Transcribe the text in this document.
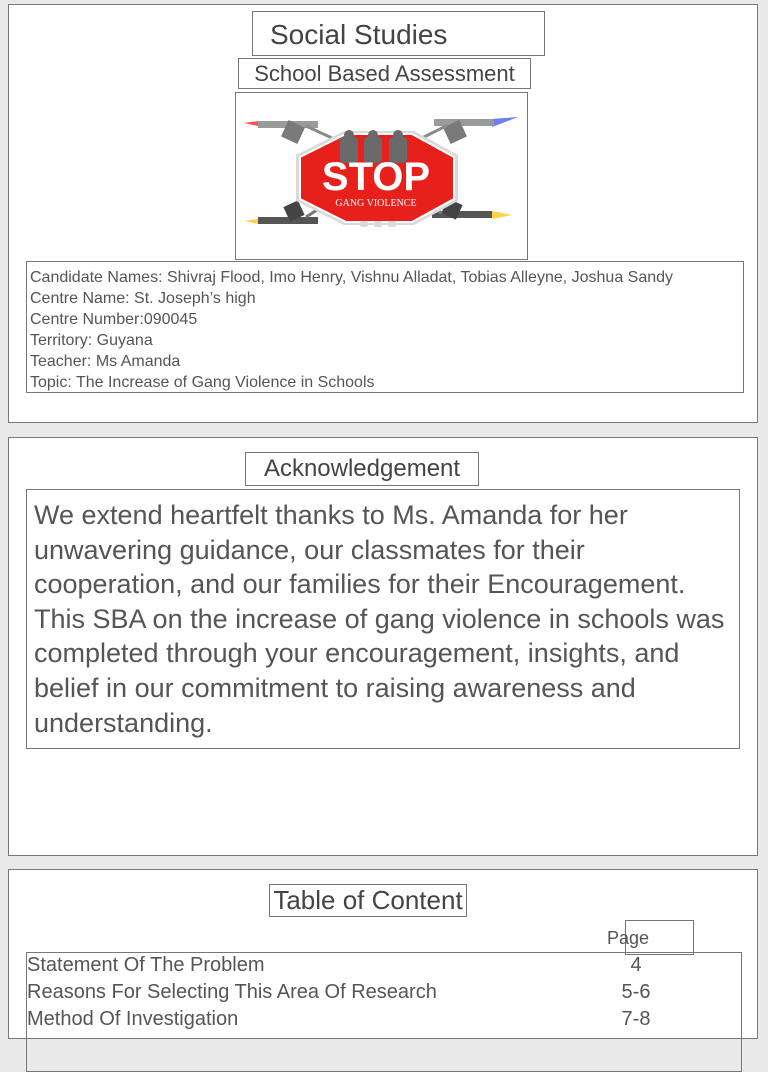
Social Studies
School Based Assessment
STOP
GANG VIOLENCE
Candidate Names: Shivraj Flood, Imo Henry, Vishnu Alladat, Tobias Alleyne, Joshua Sandy
Centre Name: St. Joseph’s high
Centre Number:090045
Territory: Guyana
Teacher: Ms Amanda
Topic: The Increase of Gang Violence in Schools
Acknowledgement
We extend heartfelt thanks to Ms. Amanda for her unwavering guidance, our classmates for their cooperation, and our families for their Encouragement. This SBA on the increase of gang violence in schools was completed through your encouragement, insights, and belief in our commitment to raising awareness and understanding.
Table of Content
Page
Statement Of The Problem	4
Reasons For Selecting This Area Of Research	5-6
Method Of Investigation	7-8
